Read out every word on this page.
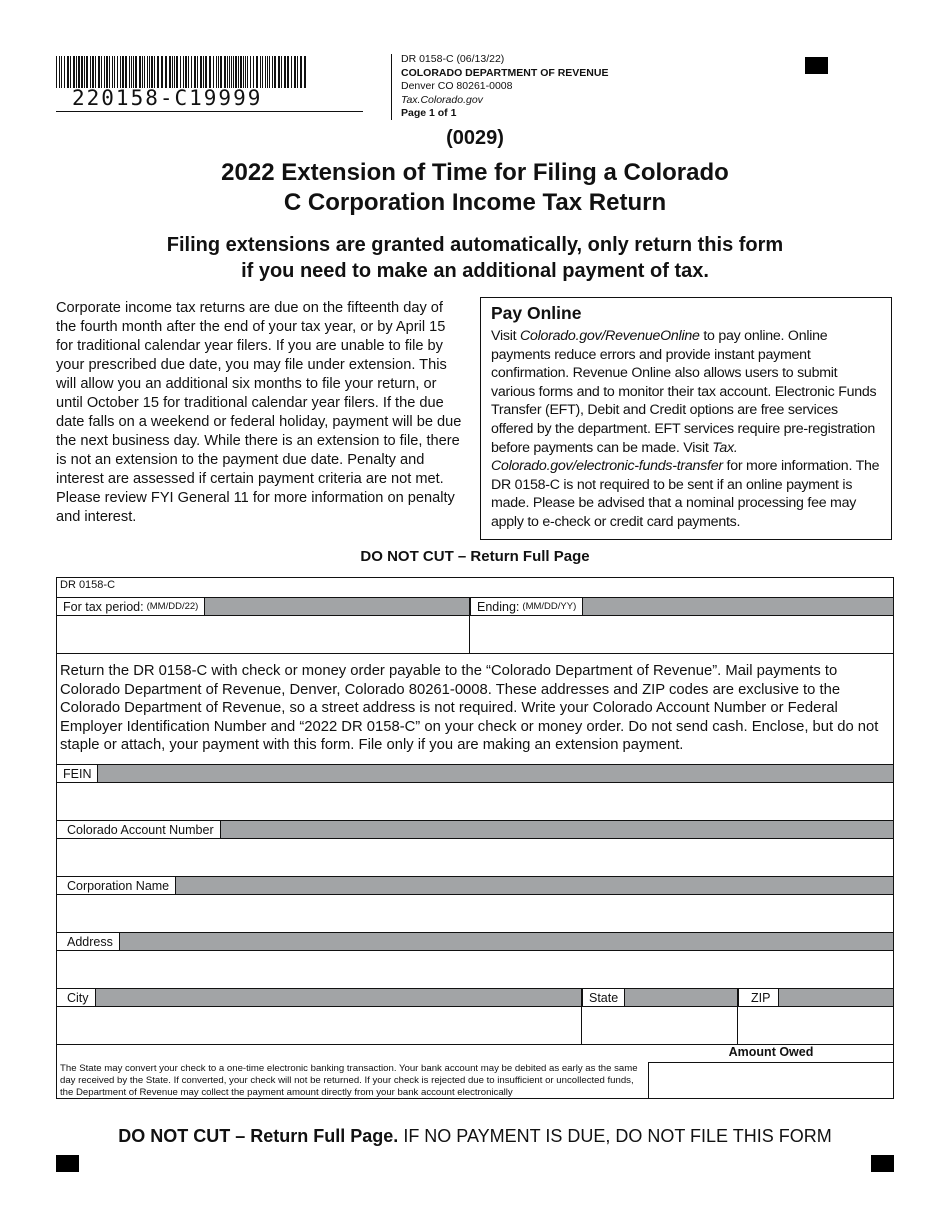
220158-C19999
DR 0158-C (06/13/22)
COLORADO DEPARTMENT OF REVENUE
Denver CO 80261-0008
Tax.Colorado.gov
Page 1 of 1
(0029)
2022 Extension of Time for Filing a Colorado
C Corporation Income Tax Return
Filing extensions are granted automatically, only return this form
if you need to make an additional payment of tax.
Corporate income tax returns are due on the fifteenth day of the fourth month after the end of your tax year, or by April 15 for traditional calendar year filers. If you are unable to file by your prescribed due date, you may file under extension. This will allow you an additional six months to file your return, or until October 15 for traditional calendar year filers. If the due date falls on a weekend or federal holiday, payment will be due the next business day. While there is an extension to file, there is not an extension to the payment due date. Penalty and interest are assessed if certain payment criteria are not met. Please review FYI General 11 for more information on penalty and interest.
Pay Online
Visit Colorado.gov/RevenueOnline to pay online. Online payments reduce errors and provide instant payment confirmation. Revenue Online also allows users to submit various forms and to monitor their tax account. Electronic Funds Transfer (EFT), Debit and Credit options are free services offered by the department. EFT services require pre-registration before payments can be made. Visit Tax. Colorado.gov/electronic-funds-transfer for more information. The DR 0158-C is not required to be sent if an online payment is made. Please be advised that a nominal processing fee may apply to e-check or credit card payments.
DO NOT CUT – Return Full Page
DR 0158-C
For tax period: (MM/DD/22)	Ending: (MM/DD/YY)
Return the DR 0158-C with check or money order payable to the “Colorado Department of Revenue”. Mail payments to Colorado Department of Revenue, Denver, Colorado 80261-0008. These addresses and ZIP codes are exclusive to the Colorado Department of Revenue, so a street address is not required. Write your Colorado Account Number or Federal Employer Identification Number and “2022 DR 0158-C” on your check or money order. Do not send cash. Enclose, but do not staple or attach, your payment with this form. File only if you are making an extension payment.
FEIN
Colorado Account Number
Corporation Name
Address
City	State	ZIP
Amount Owed
The State may convert your check to a one-time electronic banking transaction. Your bank account may be debited as early as the same day received by the State. If converted, your check will not be returned. If your check is rejected due to insufficient or uncollected funds, the Department of Revenue may collect the payment amount directly from your bank account electronically
DO NOT CUT – Return Full Page. IF NO PAYMENT IS DUE, DO NOT FILE THIS FORM
